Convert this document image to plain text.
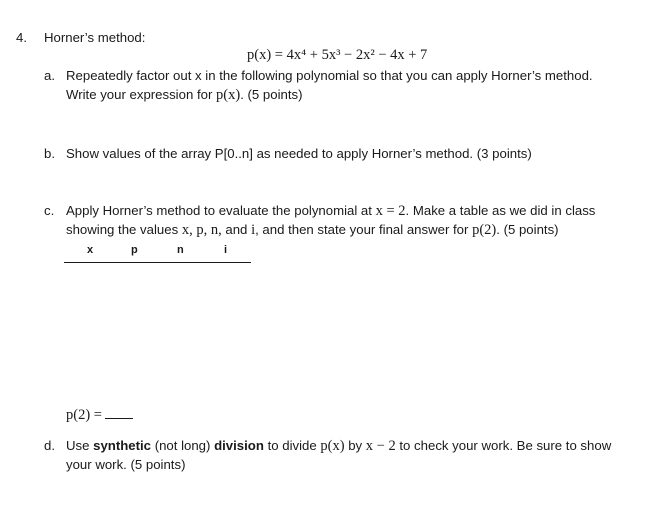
4. Horner’s method:
p(x) = 4x⁴ + 5x³ − 2x² − 4x + 7
a. Repeatedly factor out x in the following polynomial so that you can apply Horner’s method.
Write your expression for p(x). (5 points)
b. Show values of the array P[0..n] as needed to apply Horner’s method. (3 points)
c. Apply Horner’s method to evaluate the polynomial at x = 2. Make a table as we did in class
showing the values x, p, n, and i, and then state your final answer for p(2). (5 points)
x	p	n	i
p(2) =
d. Use synthetic (not long) division to divide p(x) by x − 2 to check your work. Be sure to show
your work. (5 points)
